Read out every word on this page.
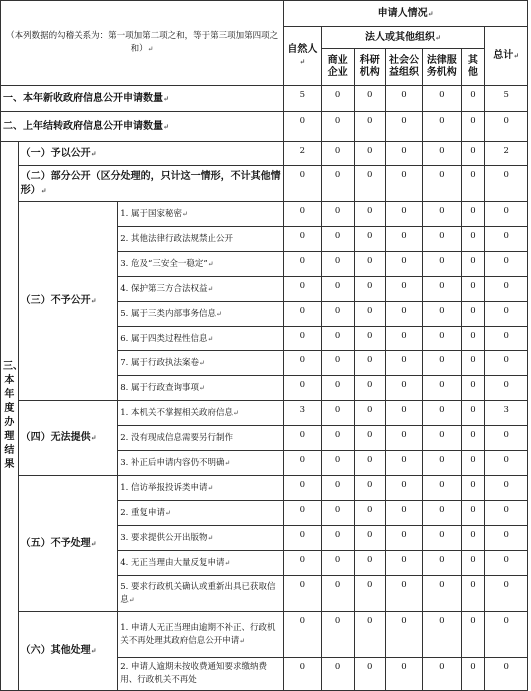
（本列数据的勾稽关系为：第一项加第二项之和，等于第三项加第四项之和）↵			申请人情况↵						
			自然人↵	法人或其他组织↵					总计↵
				商业企业	科研机构	社会公益组织	法律服务机构	其他	
一、本年新收政府信息公开申请数量↵			5	0	0	0	0	0	5
二、上年结转政府信息公开申请数量↵			0	0	0	0	0	0	0
三、本年度办理结果	（一）予以公开↵		2	0	0	0	0	0	2
	（二）部分公开（区分处理的，只计这一情形，不计其他情形）↵		0	0	0	0	0	0	0
	（三）不予公开↵	1. 属于国家秘密↵	0	0	0	0	0	0	0
		2. 其他法律行政法规禁止公开	0	0	0	0	0	0	0
		3. 危及“三安全一稳定”↵	0	0	0	0	0	0	0
		4. 保护第三方合法权益↵	0	0	0	0	0	0	0
		5. 属于三类内部事务信息↵	0	0	0	0	0	0	0
		6. 属于四类过程性信息↵	0	0	0	0	0	0	0
		7. 属于行政执法案卷↵	0	0	0	0	0	0	0
		8. 属于行政查询事项↵	0	0	0	0	0	0	0
	（四）无法提供↵	1. 本机关不掌握相关政府信息↵	3	0	0	0	0	0	3
		2. 没有现成信息需要另行制作	0	0	0	0	0	0	0
		3. 补正后申请内容仍不明确↵	0	0	0	0	0	0	0
	（五）不予处理↵	1. 信访举报投诉类申请↵	0	0	0	0	0	0	0
		2. 重复申请↵	0	0	0	0	0	0	0
		3. 要求提供公开出版物↵	0	0	0	0	0	0	0
		4. 无正当理由大量反复申请↵	0	0	0	0	0	0	0
		5. 要求行政机关确认或重新出具已获取信息↵	0	0	0	0	0	0	0
	（六）其他处理↵	1. 申请人无正当理由逾期不补正、行政机关不再处理其政府信息公开申请↵	0	0	0	0	0	0	0
		2. 申请人逾期未按收费通知要求缴纳费用、行政机关不再处	0	0	0	0	0	0	0
